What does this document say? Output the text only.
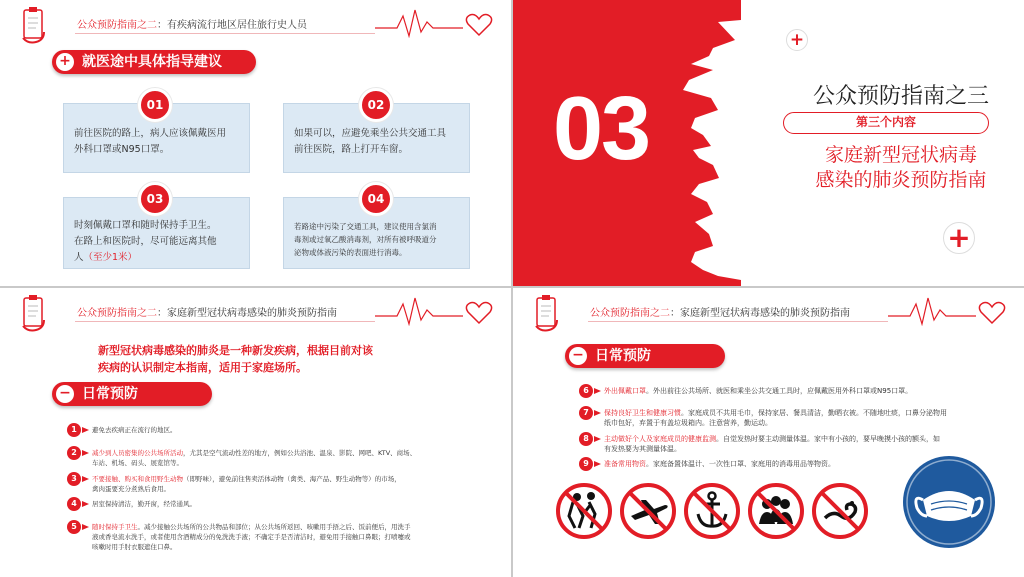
公众预防指南之二：有疾病流行地区居住旅行史人员
+ 就医途中具体指导建议
前往医院的路上，病人应该佩戴医用
外科口罩或N95口罩。
01
如果可以，应避免乘坐公共交通工具
前往医院，路上打开车窗。
02
时刻佩戴口罩和随时保持手卫生。
在路上和医院时，尽可能远离其他
人（至少1米）
03
若路途中污染了交通工具，建议使用含氯消
毒剂或过氧乙酸消毒剂，对所有被呼吸道分
泌物或体液污染的表面进行消毒。
04
03
+
公众预防指南之三
第三个内容
家庭新型冠状病毒
感染的肺炎预防指南
+
公众预防指南之二：家庭新型冠状病毒感染的肺炎预防指南
新型冠状病毒感染的肺炎是一种新发疾病，根据目前对该
疾病的认识制定本指南，适用于家庭场所。
− 日常预防
1	避免去疾病正在流行的地区。
2	减少到人员密集的公共场所活动，尤其是空气流动性差的地方，例如公共浴池、温泉、影院、网吧、KTV、商场、
车站、机场、码头、展览馆等。
3	不要接触、购买和食用野生动物（即野味），避免前往售卖活体动物（禽类、海产品、野生动物等）的市场，
禽肉蛋要充分煮熟后食用。
4	居室保持清洁，勤开窗，经常通风。
5	随时保持手卫生。减少接触公共场所的公共物品和部位；从公共场所返回、咳嗽用手捂之后、饭前便后，用洗手
液或香皂流水洗手，或者使用含酒精成分的免洗洗手液；不确定手是否清洁时，避免用手接触口鼻眼；打喷嚏或
咳嗽时用手肘衣服遮住口鼻。
公众预防指南之二：家庭新型冠状病毒感染的肺炎预防指南
− 日常预防
6	外出佩戴口罩。外出前往公共场所、就医和乘坐公共交通工具时，应佩戴医用外科口罩或N95口罩。
7	保持良好卫生和健康习惯。家庭成员不共用毛巾，保持家居、餐具清洁，勤晒衣被。不随地吐痰，口鼻分泌物用
纸巾包好，弃置于有盖垃圾箱内。注意营养，勤运动。
8	主动做好个人及家庭成员的健康监测。自觉发热时要主动测量体温。家中有小孩的，要早晚摸小孩的额头，如
有发热要为其测量体温。
9	准备常用物资。家庭备置体温计、一次性口罩、家庭用的消毒用品等物资。
